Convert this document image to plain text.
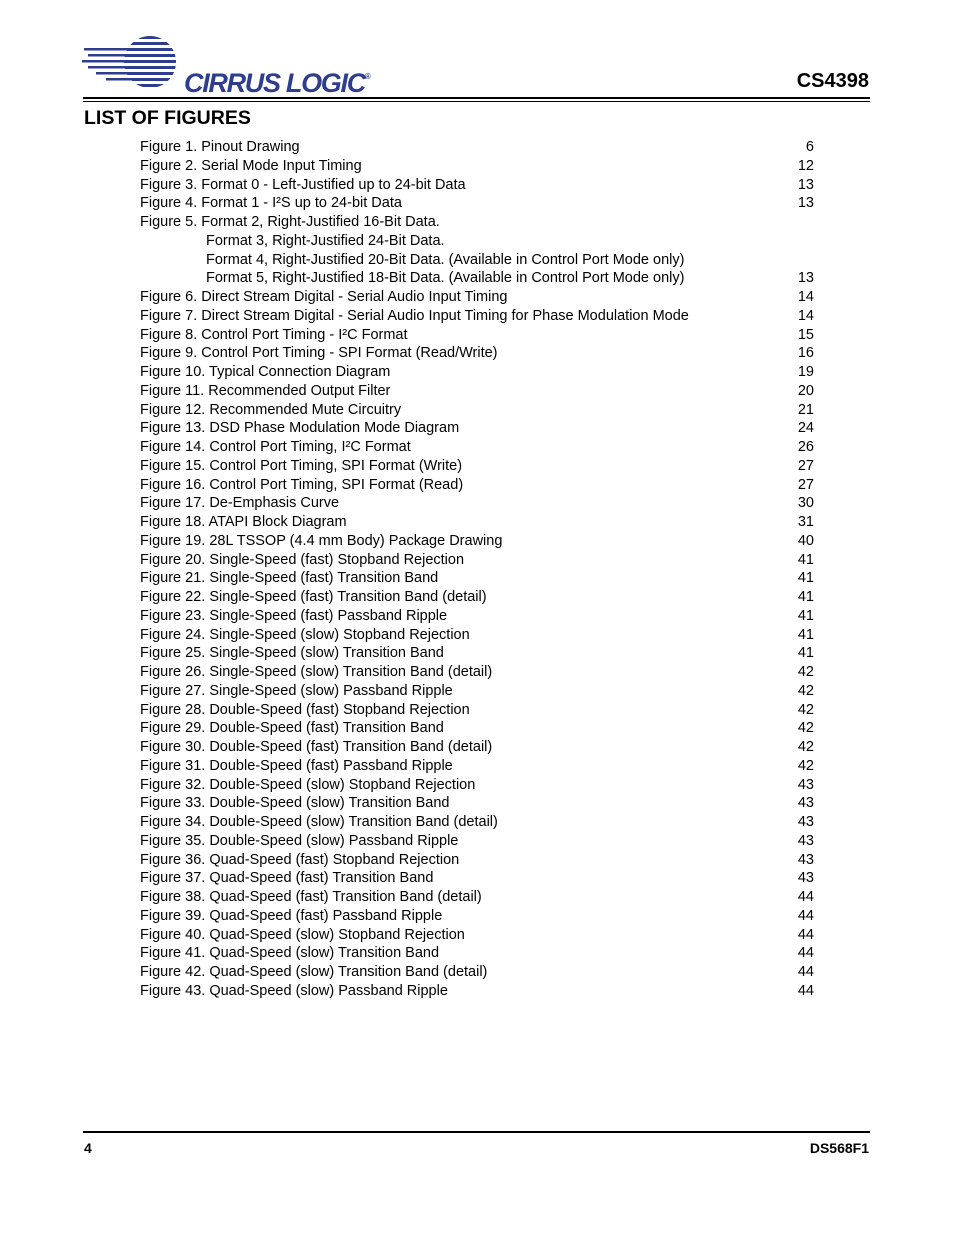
CIRRUS LOGIC®	CS4398
LIST OF FIGURES
Figure 1. Pinout Drawing	6
Figure 2. Serial Mode Input Timing	12
Figure 3. Format 0 - Left-Justified up to 24-bit Data	13
Figure 4. Format 1 - I²S up to 24-bit Data	13
Figure 5. Format 2, Right-Justified 16-Bit Data.
Format 3, Right-Justified 24-Bit Data.
Format 4, Right-Justified 20-Bit Data. (Available in Control Port Mode only)
Format 5, Right-Justified 18-Bit Data. (Available in Control Port Mode only)	13
Figure 6. Direct Stream Digital - Serial Audio Input Timing	14
Figure 7. Direct Stream Digital - Serial Audio Input Timing for Phase Modulation Mode	14
Figure 8. Control Port Timing - I²C Format	15
Figure 9. Control Port Timing - SPI Format (Read/Write)	16
Figure 10. Typical Connection Diagram	19
Figure 11. Recommended Output Filter	20
Figure 12. Recommended Mute Circuitry	21
Figure 13. DSD Phase Modulation Mode Diagram	24
Figure 14. Control Port Timing, I²C Format	26
Figure 15. Control Port Timing, SPI Format (Write)	27
Figure 16. Control Port Timing, SPI Format (Read)	27
Figure 17. De-Emphasis Curve	30
Figure 18. ATAPI Block Diagram	31
Figure 19. 28L TSSOP (4.4 mm Body) Package Drawing	40
Figure 20. Single-Speed (fast) Stopband Rejection	41
Figure 21. Single-Speed (fast) Transition Band	41
Figure 22. Single-Speed (fast) Transition Band (detail)	41
Figure 23. Single-Speed (fast) Passband Ripple	41
Figure 24. Single-Speed (slow) Stopband Rejection	41
Figure 25. Single-Speed (slow) Transition Band	41
Figure 26. Single-Speed (slow) Transition Band (detail)	42
Figure 27. Single-Speed (slow) Passband Ripple	42
Figure 28. Double-Speed (fast) Stopband Rejection	42
Figure 29. Double-Speed (fast) Transition Band	42
Figure 30. Double-Speed (fast) Transition Band (detail)	42
Figure 31. Double-Speed (fast) Passband Ripple	42
Figure 32. Double-Speed (slow) Stopband Rejection	43
Figure 33. Double-Speed (slow) Transition Band	43
Figure 34. Double-Speed (slow) Transition Band (detail)	43
Figure 35. Double-Speed (slow) Passband Ripple	43
Figure 36. Quad-Speed (fast) Stopband Rejection	43
Figure 37. Quad-Speed (fast) Transition Band	43
Figure 38. Quad-Speed (fast) Transition Band (detail)	44
Figure 39. Quad-Speed (fast) Passband Ripple	44
Figure 40. Quad-Speed (slow) Stopband Rejection	44
Figure 41. Quad-Speed (slow) Transition Band	44
Figure 42. Quad-Speed (slow) Transition Band (detail)	44
Figure 43. Quad-Speed (slow) Passband Ripple	44
4	DS568F1
